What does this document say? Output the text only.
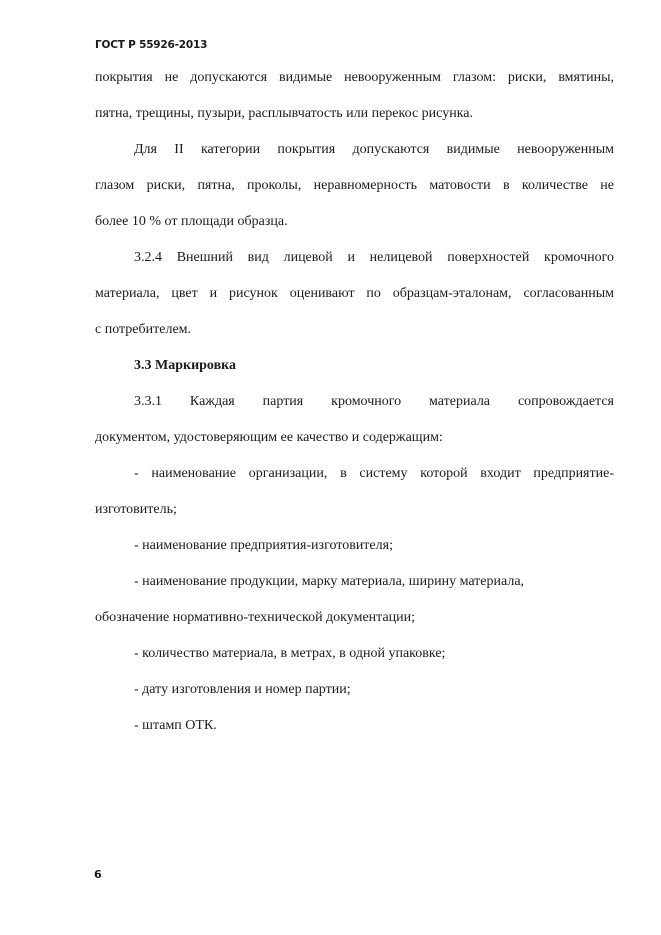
ГОСТ Р 55926-2013
покрытия не допускаются видимые невооруженным глазом: риски, вмятины,
пятна, трещины, пузыри, расплывчатость или перекос рисунка.
Для II категории покрытия допускаются видимые невооруженным
глазом риски, пятна, проколы, неравномерность матовости в количестве не
более 10 % от площади образца.
3.2.4 Внешний вид лицевой и нелицевой поверхностей кромочного
материала, цвет и рисунок оценивают по образцам-эталонам, согласованным
с потребителем.
3.3 Маркировка
3.3.1 Каждая партия кромочного материала сопровождается
документом, удостоверяющим ее качество и содержащим:
- наименование организации, в систему которой входит предприятие-
изготовитель;
- наименование предприятия-изготовителя;
- наименование продукции, марку материала, ширину материала,
обозначение нормативно-технической документации;
- количество материала, в метрах, в одной упаковке;
- дату изготовления и номер партии;
- штамп ОТК.
6
